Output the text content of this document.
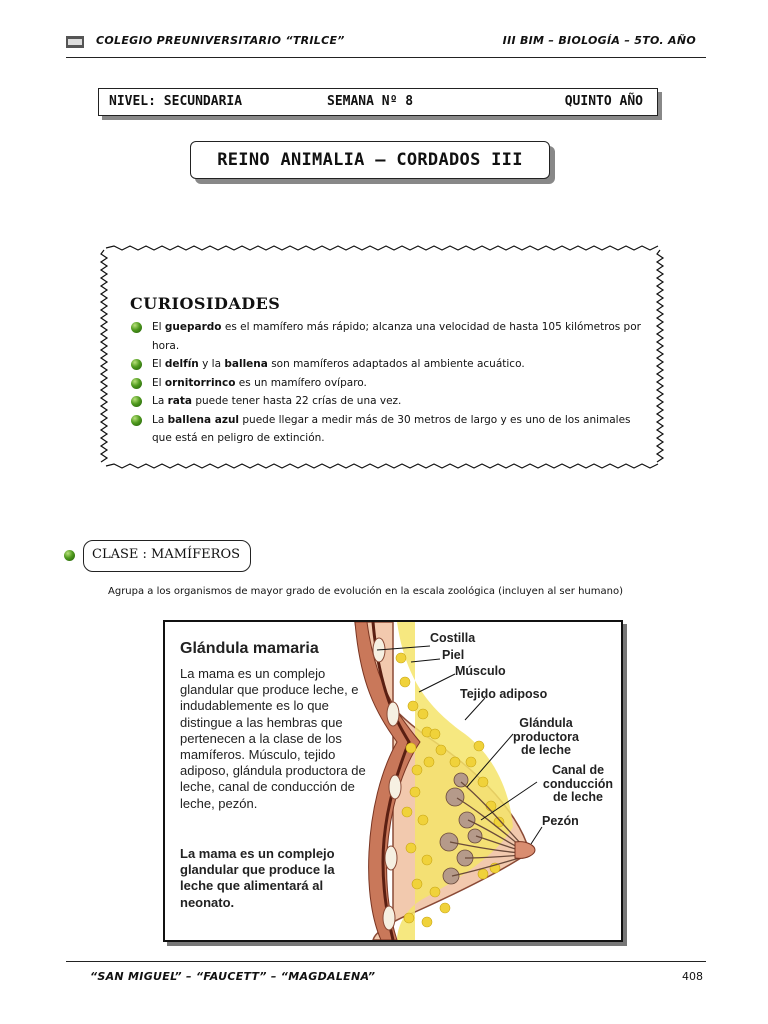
COLEGIO PREUNIVERSITARIO “TRILCE”	III BIM – BIOLOGÍA – 5TO. AÑO
NIVEL: SECUNDARIA	SEMANA Nº 8	QUINTO AÑO
REINO ANIMALIA – CORDADOS III
CURIOSIDADES
El guepardo es el mamífero más rápido; alcanza una velocidad de hasta 105 kilómetros por hora.
El delfín y la ballena son mamíferos adaptados al ambiente acuático.
El ornitorrinco es un mamífero ovíparo.
La rata puede tener hasta 22 crías de una vez.
La ballena azul puede llegar a medir más de 30 metros de largo y es uno de los animales que está en peligro de extinción.
CLASE : MAMÍFEROS
Agrupa a los organismos de mayor grado de evolución en la escala zoológica (incluyen al ser humano)
Glándula mamaria
La mama es un complejo glandular que produce leche, e indudablemente es lo que distingue a las hembras que pertenecen a la clase de los mamíferos. Músculo, tejido adiposo, glándula productora de leche, canal de conducción de leche, pezón.
La mama es un complejo glandular que produce la leche que alimentará al neonato.
Costilla
Piel
Músculo
Tejido adiposo
Glándula productora de leche
Canal de conducción de leche
Pezón
“SAN MIGUEL” – “FAUCETT” – “MAGDALENA”	408
